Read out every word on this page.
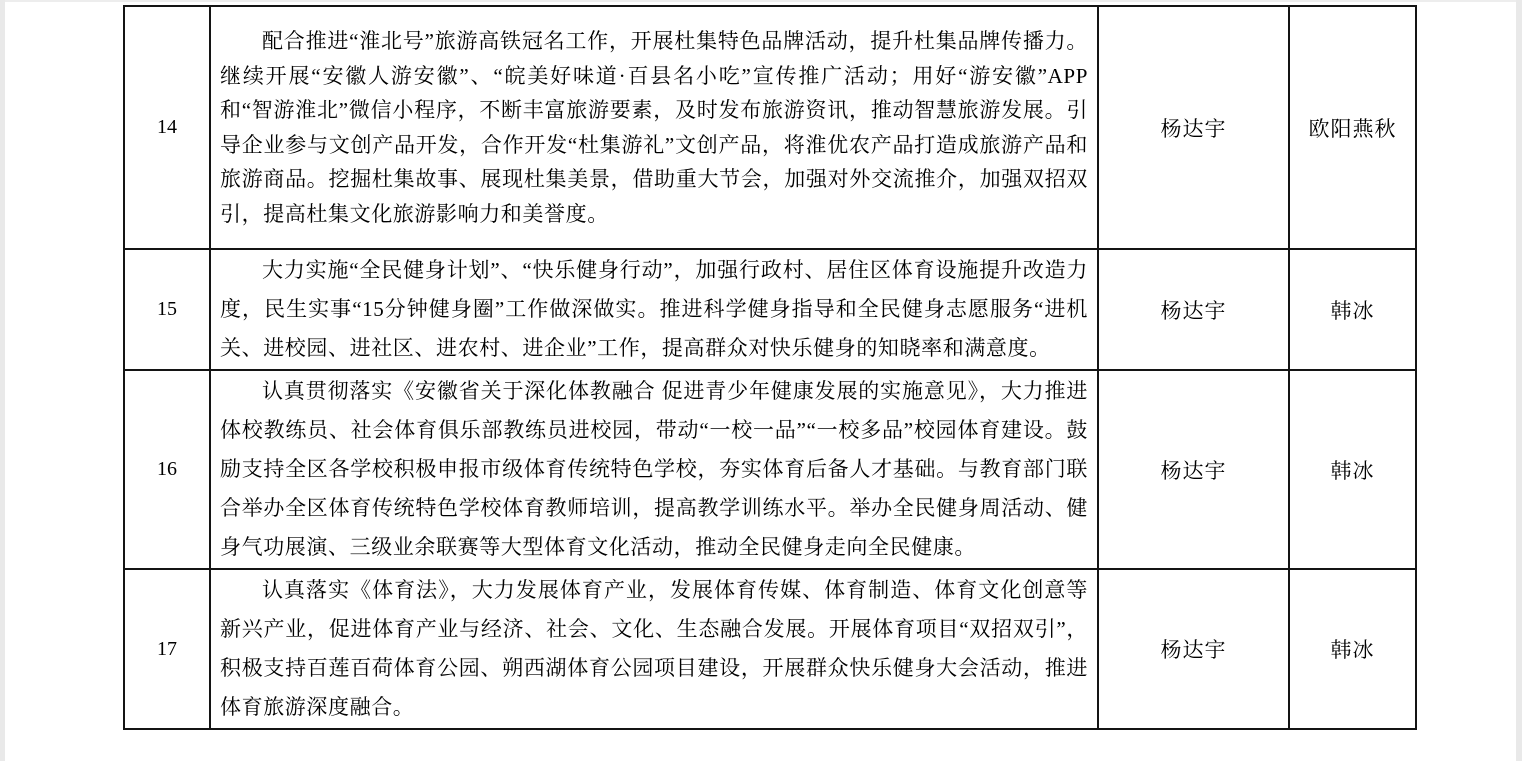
14	配合推进“淮北号”旅游高铁冠名工作，开展杜集特色品牌活动，提升杜集品牌传播力。继续开展“安徽人游安徽”、“皖美好味道·百县名小吃”宣传推广活动；用好“游安徽”APP和“智游淮北”微信小程序，不断丰富旅游要素，及时发布旅游资讯，推动智慧旅游发展。引导企业参与文创产品开发，合作开发“杜集游礼”文创产品，将淮优农产品打造成旅游产品和旅游商品。挖掘杜集故事、展现杜集美景，借助重大节会，加强对外交流推介，加强双招双引，提高杜集文化旅游影响力和美誉度。	杨达宇	欧阳燕秋
15	大力实施“全民健身计划”、“快乐健身行动”，加强行政村、居住区体育设施提升改造力度，民生实事“15分钟健身圈”工作做深做实。推进科学健身指导和全民健身志愿服务“进机关、进校园、进社区、进农村、进企业”工作，提高群众对快乐健身的知晓率和满意度。	杨达宇	韩冰
16	认真贯彻落实《安徽省关于深化体教融合 促进青少年健康发展的实施意见》，大力推进体校教练员、社会体育俱乐部教练员进校园，带动“一校一品”“一校多品”校园体育建设。鼓励支持全区各学校积极申报市级体育传统特色学校，夯实体育后备人才基础。与教育部门联合举办全区体育传统特色学校体育教师培训，提高教学训练水平。举办全民健身周活动、健身气功展演、三级业余联赛等大型体育文化活动，推动全民健身走向全民健康。	杨达宇	韩冰
17	认真落实《体育法》，大力发展体育产业，发展体育传媒、体育制造、体育文化创意等新兴产业，促进体育产业与经济、社会、文化、生态融合发展。开展体育项目“双招双引”，积极支持百莲百荷体育公园、朔西湖体育公园项目建设，开展群众快乐健身大会活动，推进体育旅游深度融合。	杨达宇	韩冰
